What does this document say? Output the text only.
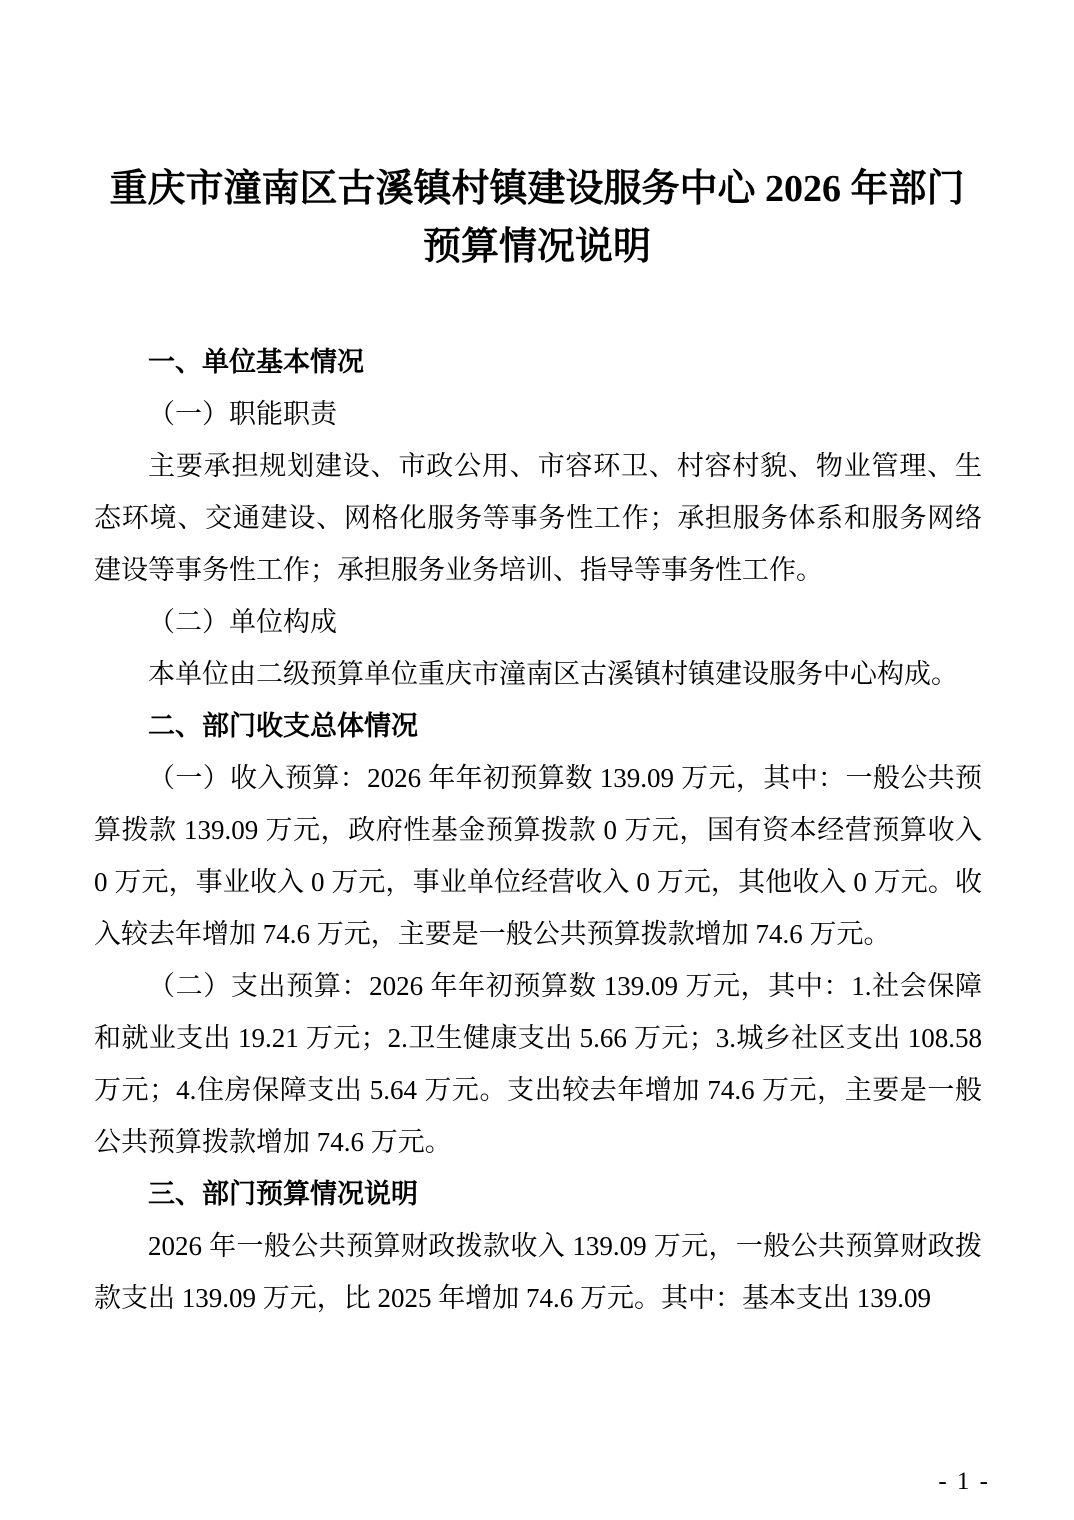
重庆市潼南区古溪镇村镇建设服务中心 2026 年部门
预算情况说明

一、单位基本情况

（一）职能职责

主要承担规划建设、市政公用、市容环卫、村容村貌、物业管理、生态环境、交通建设、网格化服务等事务性工作；承担服务体系和服务网络建设等事务性工作；承担服务业务培训、指导等事务性工作。

（二）单位构成

本单位由二级预算单位重庆市潼南区古溪镇村镇建设服务中心构成。

二、部门收支总体情况

（一）收入预算：2026 年年初预算数 139.09 万元，其中：一般公共预算拨款 139.09 万元，政府性基金预算拨款 0 万元，国有资本经营预算收入 0 万元，事业收入 0 万元，事业单位经营收入 0 万元，其他收入 0 万元。收入较去年增加 74.6 万元，主要是一般公共预算拨款增加 74.6 万元。

（二）支出预算：2026 年年初预算数 139.09 万元，其中：1.社会保障和就业支出 19.21 万元；2.卫生健康支出 5.66 万元；3.城乡社区支出 108.58 万元；4.住房保障支出 5.64 万元。支出较去年增加 74.6 万元，主要是一般公共预算拨款增加 74.6 万元。

三、部门预算情况说明

2026 年一般公共预算财政拨款收入 139.09 万元，一般公共预算财政拨款支出 139.09 万元，比 2025 年增加 74.6 万元。其中：基本支出 139.09

- 1 -
